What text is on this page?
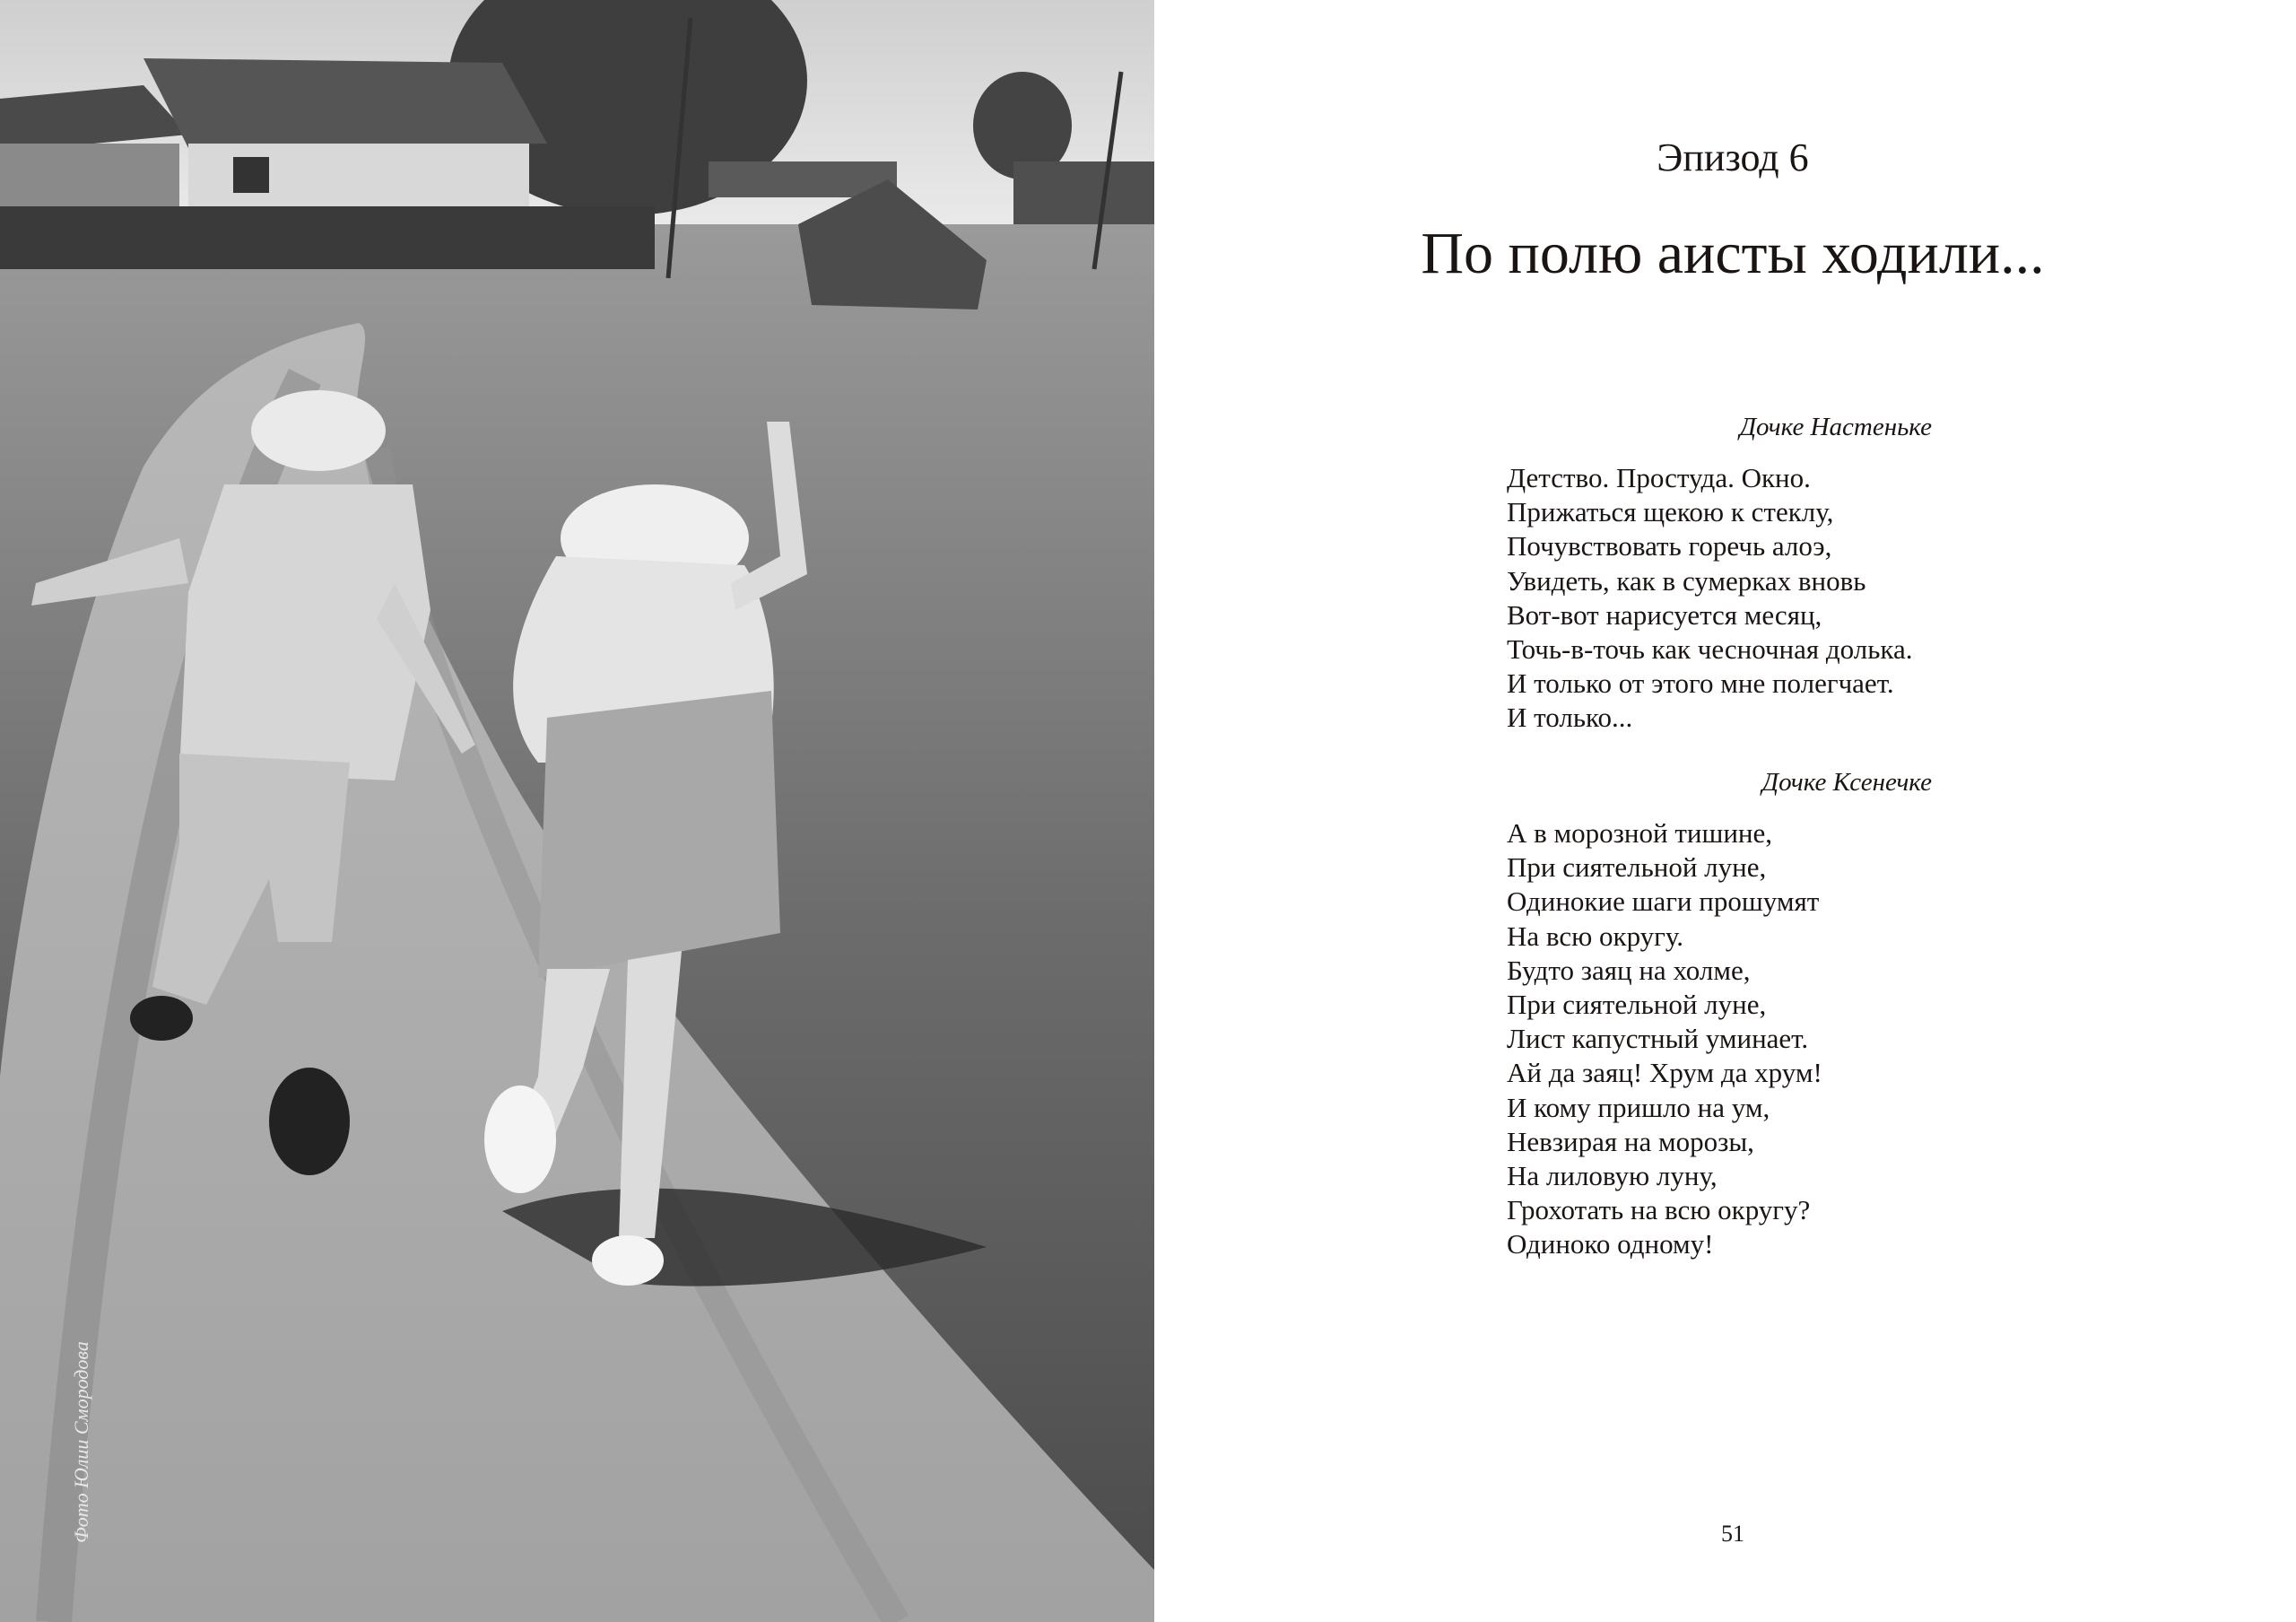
Фото Юлии Смородова
Эпизод 6
По полю аисты ходили...
Дочке Настеньке
Детство. Простуда. Окно.
Прижаться щекою к стеклу,
Почувствовать горечь алоэ,
Увидеть, как в сумерках вновь
Вот-вот нарисуется месяц,
Точь-в-точь как чесночная долька.
И только от этого мне полегчает.
И только...
Дочке Ксенечке
А в морозной тишине,
При сиятельной луне,
Одинокие шаги прошумят
На всю округу.
Будто заяц на холме,
При сиятельной луне,
Лист капустный уминает.
Ай да заяц! Хрум да хрум!
И кому пришло на ум,
Невзирая на морозы,
На лиловую луну,
Грохотать на всю округу?
Одиноко одному!
51
